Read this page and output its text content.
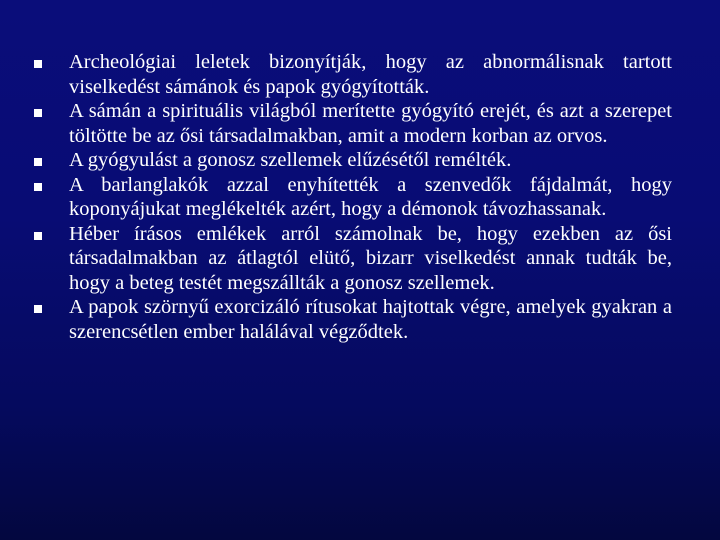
Archeológiai leletek bizonyítják, hogy az abnormálisnak tartott viselkedést sámánok és papok gyógyították.
A sámán a spirituális világból merítette gyógyító erejét, és azt a szerepet töltötte be az ősi társadalmakban, amit a modern korban az orvos.
A gyógyulást a gonosz szellemek elűzésétől remélték.
A barlanglakók azzal enyhítették a szenvedők fájdalmát, hogy koponyájukat meglékelték azért, hogy a démonok távozhassanak.
Héber írásos emlékek arról számolnak be, hogy ezekben az ősi társadalmakban az átlagtól elütő, bizarr viselkedést annak tudták be, hogy a beteg testét megszállták a gonosz szellemek.
A papok szörnyű exorcizáló rítusokat hajtottak végre, amelyek gyakran a szerencsétlen ember halálával végződtek.
